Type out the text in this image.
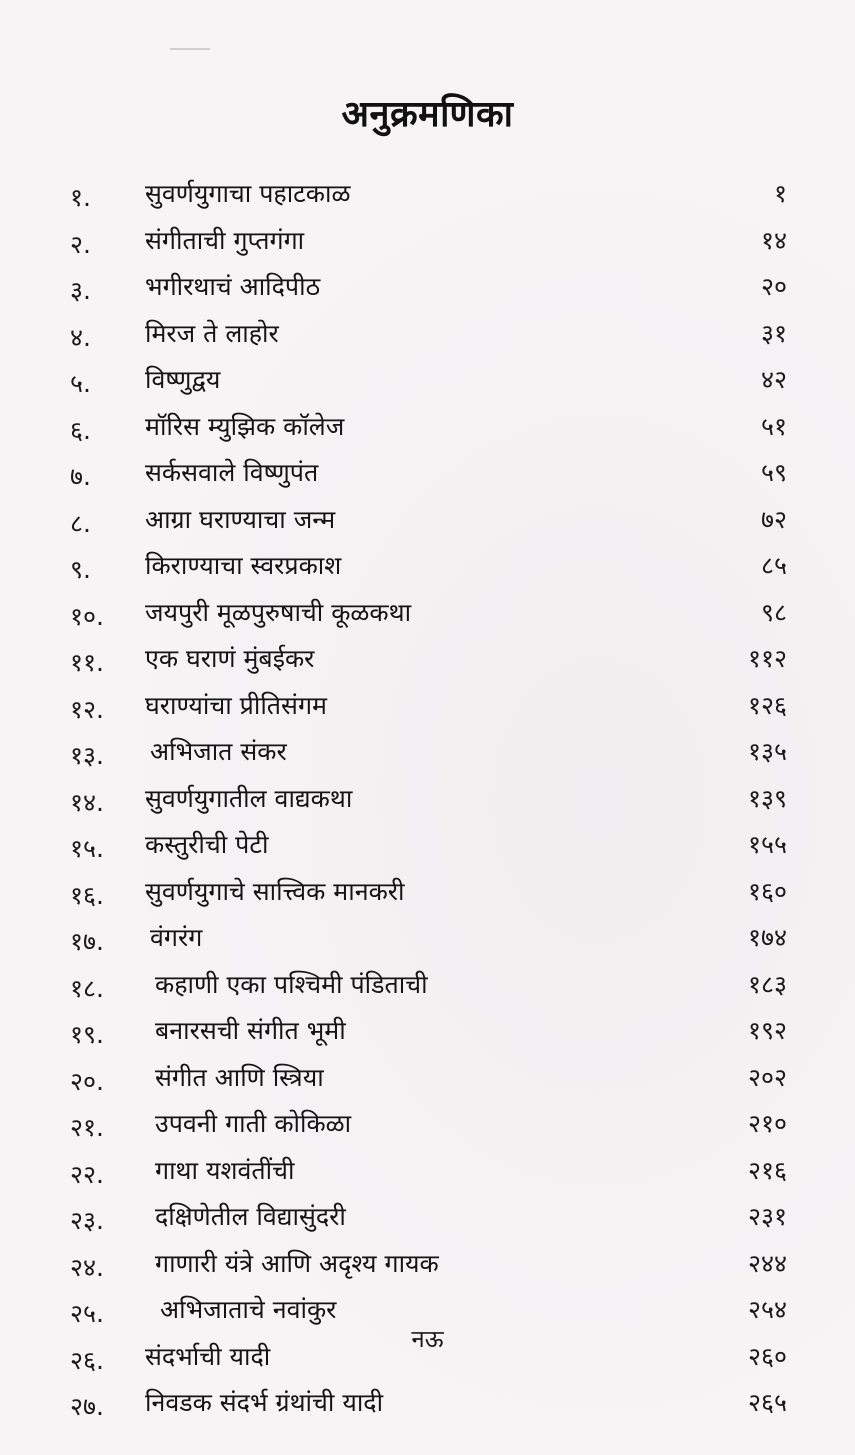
अनुक्रमणिका
१.	सुवर्णयुगाचा पहाटकाळ	१
२.	संगीताची गुप्तगंगा	१४
३.	भगीरथाचं आदिपीठ	२०
४.	मिरज ते लाहोर	३१
५.	विष्णुद्वय	४२
६.	मॉरिस म्युझिक कॉलेज	५१
७.	सर्कसवाले विष्णुपंत	५९
८.	आग्रा घराण्याचा जन्म	७२
९.	किराण्याचा स्वरप्रकाश	८५
१०.	जयपुरी मूळपुरुषाची कूळकथा	९८
११.	एक घराणं मुंबईकर	११२
१२.	घराण्यांचा प्रीतिसंगम	१२६
१३.	अभिजात संकर	१३५
१४.	सुवर्णयुगातील वाद्यकथा	१३९
१५.	कस्तुरीची पेटी	१५५
१६.	सुवर्णयुगाचे सात्त्विक मानकरी	१६०
१७.	वंगरंग	१७४
१८.	कहाणी एका पश्चिमी पंडिताची	१८३
१९.	बनारसची संगीत भूमी	१९२
२०.	संगीत आणि स्त्रिया	२०२
२१.	उपवनी गाती कोकिळा	२१०
२२.	गाथा यशवंतींची	२१६
२३.	दक्षिणेतील विद्यासुंदरी	२३१
२४.	गाणारी यंत्रे आणि अदृश्य गायक	२४४
२५.	अभिजाताचे नवांकुर	२५४
२६.	संदर्भाची यादी	२६०
२७.	निवडक संदर्भ ग्रंथांची यादी	२६५
नऊ
